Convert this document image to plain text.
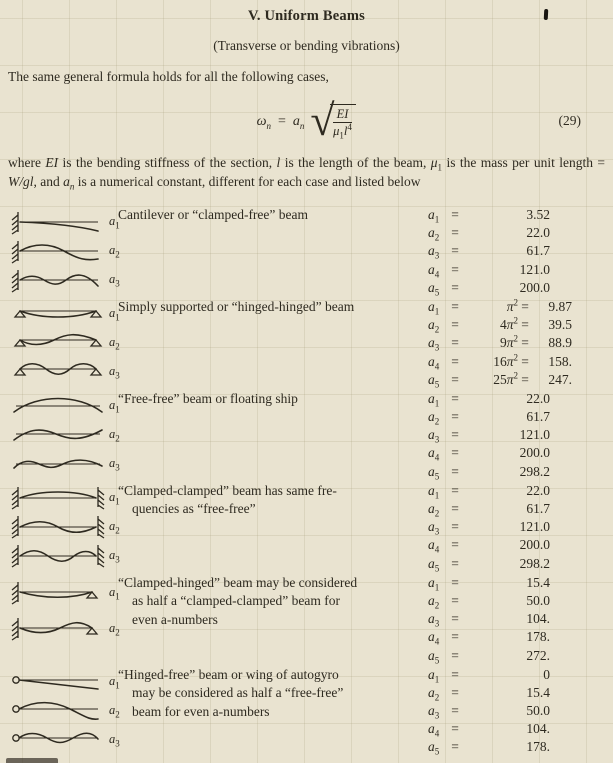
V. Uniform Beams
(Transverse or bending vibrations)
The same general formula holds for all the following cases,
$\omega_n = a_n$ √
$\frac{EI}{\mu_1l^4}$	(29)
where EI is the bending stiffness of the section, l is the length of the beam, $\mu_1$ is the mass per unit length = W/gl, and $a_n$ is a numerical constant, different for each case and listed below
$a_1$
$a_2$
$a_3$
Cantilever or “clamped-free” beam	$a_1$ =	3.52
$a_2$ =	22.0
$a_3$ =	61.7
$a_4$ =	121.0
$a_5$ =	200.0
$a_1$
$a_2$
$a_3$
Simply supported or “hinged-hinged” beam	$a_1$ =	$\pi^2$ =	9.87
$a_2$ =	$4\pi^2$ =	39.5
$a_3$ =	$9\pi^2$ =	88.9
$a_4$ =	$16\pi^2$ =	158.
$a_5$ =	$25\pi^2$ =	247.
$a_1$
$a_2$
$a_3$
“Free-free” beam or floating ship	$a_1$ =	22.0
$a_2$ =	61.7
$a_3$ =	121.0
$a_4$ =	200.0
$a_5$ =	298.2
$a_1$
$a_2$
$a_3$
“Clamped-clamped” beam has same fre-
quencies as “free-free”
$a_1$ =	22.0
$a_2$ =	61.7
$a_3$ =	121.0
$a_4$ =	200.0
$a_5$ =	298.2
$a_1$
$a_2$
“Clamped-hinged” beam may be considered
as half a “clamped-clamped” beam for
even a-numbers
$a_1$ =	15.4
$a_2$ =	50.0
$a_3$ =	104.
$a_4$ =	178.
$a_5$ =	272.
$a_1$
$a_2$
$a_3$
“Hinged-free” beam or wing of autogyro
may be considered as half a “free-free”
beam for even a-numbers
$a_1$ =	0
$a_2$ =	15.4
$a_3$ =	50.0
$a_4$ =	104.
$a_5$ =	178.
